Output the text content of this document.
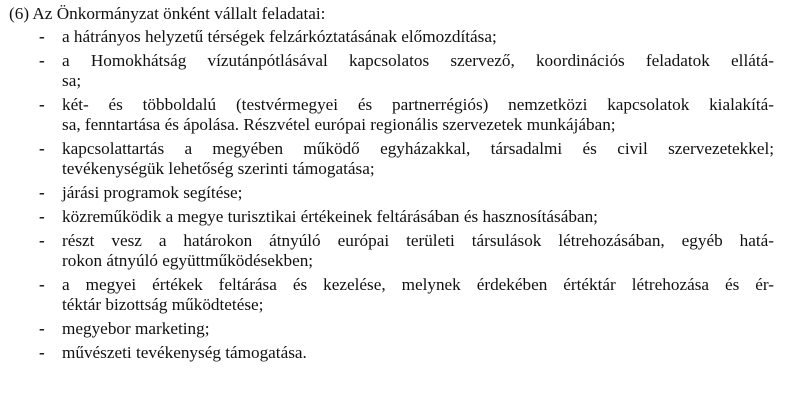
(6) Az Önkormányzat önként vállalt feladatai:
-	a hátrányos helyzetű térségek felzárkóztatásának előmozdítása;
-	a Homokhátság vízutánpótlásával kapcsolatos szervező, koordinációs feladatok ellátá-
sa;
-	két- és többoldalú (testvérmegyei és partnerrégiós) nemzetközi kapcsolatok kialakítá-
sa, fenntartása és ápolása. Részvétel európai regionális szervezetek munkájában;
-	kapcsolattartás a megyében működő egyházakkal, társadalmi és civil szervezetekkel;
tevékenységük lehetőség szerinti támogatása;
-	járási programok segítése;
-	közreműködik a megye turisztikai értékeinek feltárásában és hasznosításában;
-	részt vesz a határokon átnyúló európai területi társulások létrehozásában, egyéb hatá-
rokon átnyúló együttműködésekben;
-	a megyei értékek feltárása és kezelése, melynek érdekében értéktár létrehozása és ér-
téktár bizottság működtetése;
-	megyebor marketing;
-	művészeti tevékenység támogatása.
